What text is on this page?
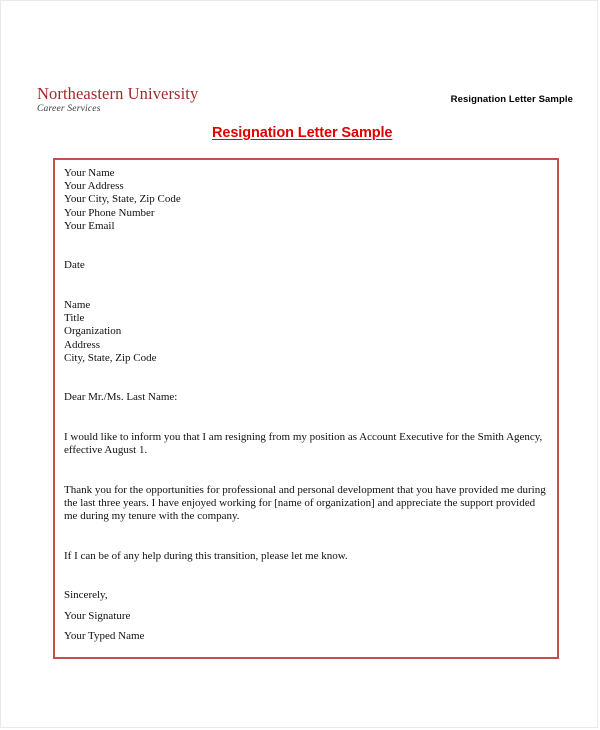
Northeastern University
Career Services
Resignation Letter Sample
Resignation Letter Sample
Your Name
Your Address
Your City, State, Zip Code
Your Phone Number
Your Email
Date
Name
Title
Organization
Address
City, State, Zip Code
Dear Mr./Ms. Last Name:
I would like to inform you that I am resigning from my position as Account Executive for the Smith Agency, effective August 1.
Thank you for the opportunities for professional and personal development that you have provided me during the last three years. I have enjoyed working for [name of organization] and appreciate the support provided me during my tenure with the company.
If I can be of any help during this transition, please let me know.
Sincerely,
Your Signature
Your Typed Name
